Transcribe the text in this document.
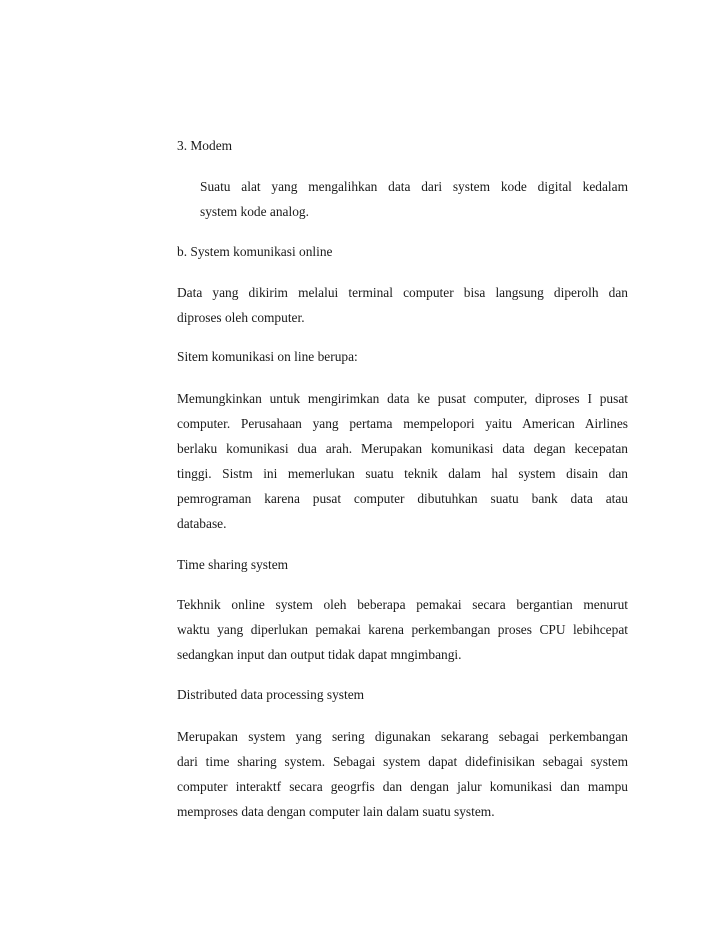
3. Modem
Suatu alat yang mengalihkan data dari system kode digital kedalam
system kode analog.
b. System komunikasi online
Data yang dikirim melalui terminal computer bisa langsung diperolh dan
diproses oleh computer.
Sitem komunikasi on line berupa:
Memungkinkan untuk mengirimkan data ke pusat computer, diproses I pusat
computer. Perusahaan yang pertama mempelopori yaitu American Airlines
berlaku komunikasi dua arah. Merupakan komunikasi data degan kecepatan
tinggi. Sistm ini memerlukan suatu teknik dalam hal system disain dan
pemrograman karena pusat computer dibutuhkan suatu bank data atau
database.
Time sharing system
Tekhnik online system oleh beberapa pemakai secara bergantian menurut
waktu yang diperlukan pemakai karena perkembangan proses CPU lebihcepat
sedangkan input dan output tidak dapat mngimbangi.
Distributed data processing system
Merupakan system yang sering digunakan sekarang sebagai perkembangan
dari time sharing system. Sebagai system dapat didefinisikan sebagai system
computer interaktf secara geogrfis dan dengan jalur komunikasi dan mampu
memproses data dengan computer lain dalam suatu system.
